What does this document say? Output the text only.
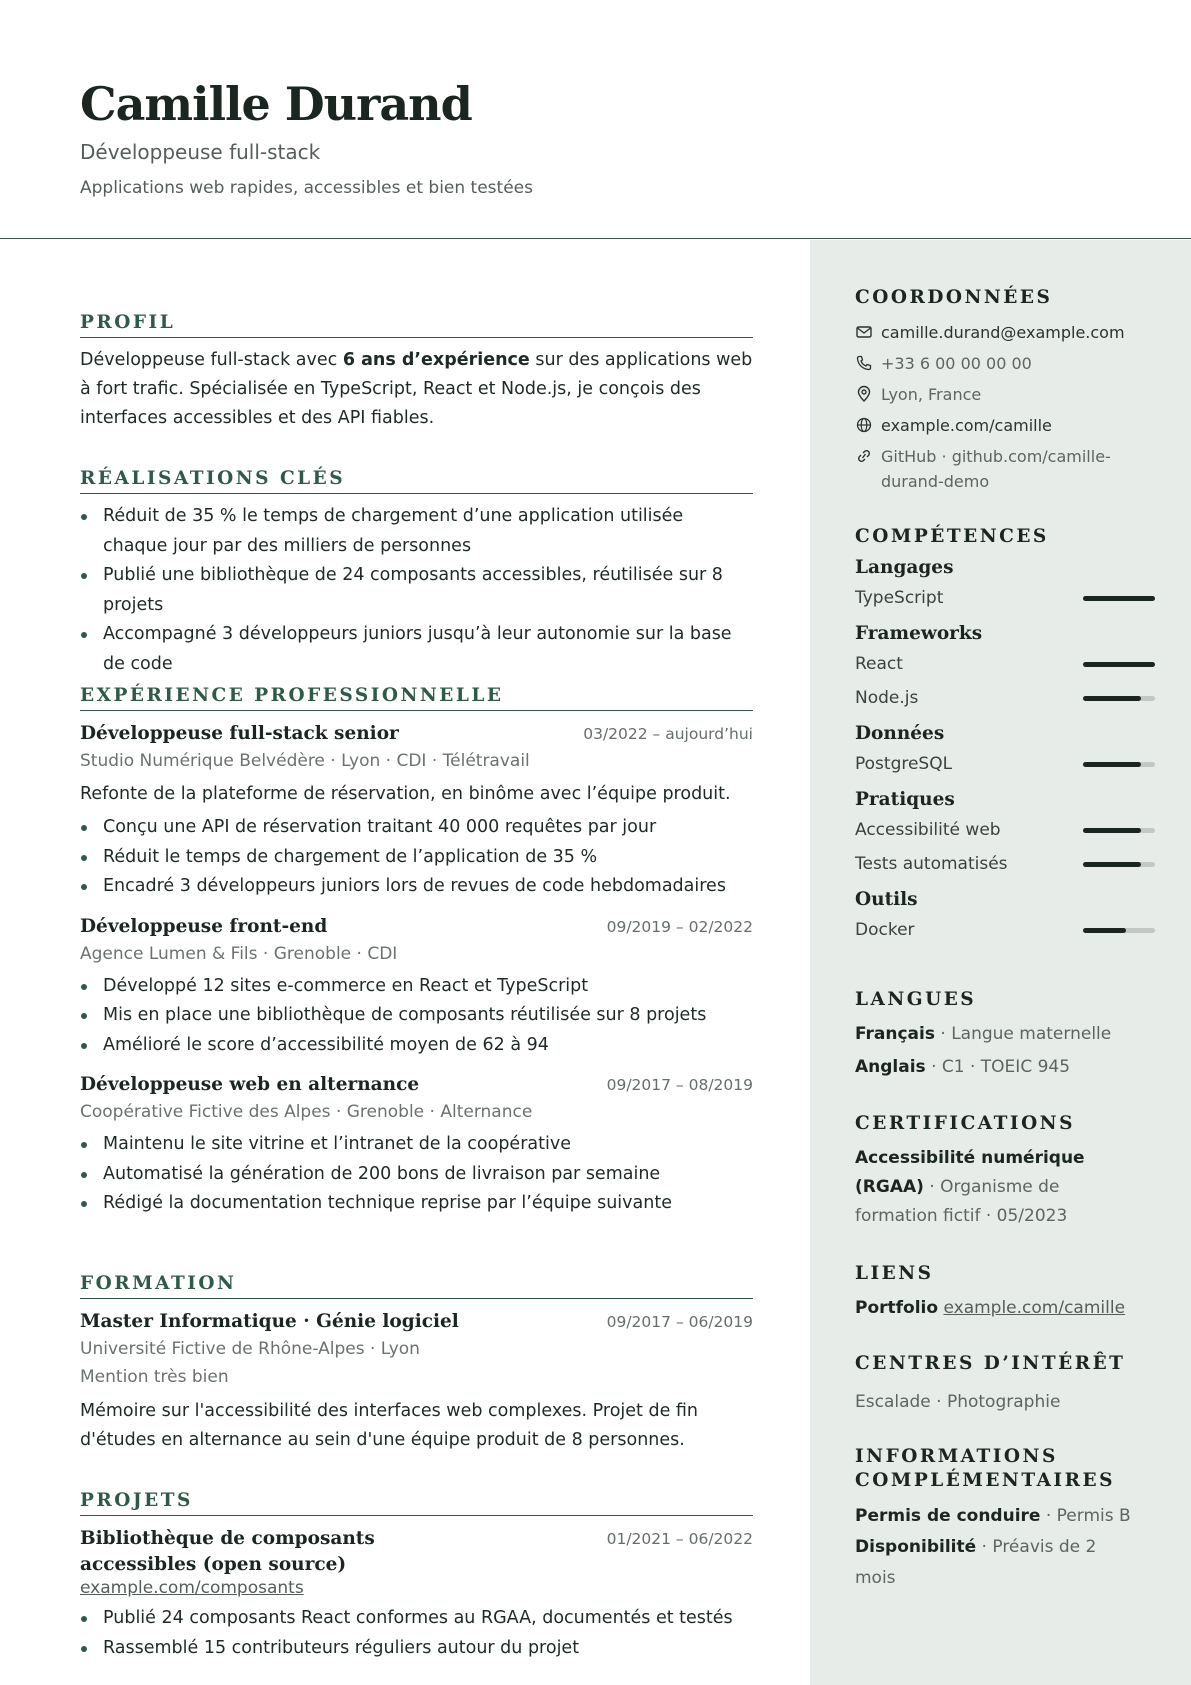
Camille Durand
Développeuse full-stack
Applications web rapides, accessibles et bien testées
PROFIL

Développeuse full-stack avec 6 ans d’expérience sur des applications web à fort trafic. Spécialisée en TypeScript, React et Node.js, je conçois des interfaces accessibles et des API fiables.

RÉALISATIONS CLÉS
Réduit de 35 % le temps de chargement d’une application utilisée chaque jour par des milliers de personnes
Publié une bibliothèque de 24 composants accessibles, réutilisée sur 8 projets
Accompagné 3 développeurs juniors jusqu’à leur autonomie sur la base de code
EXPÉRIENCE PROFESSIONNELLE
Développeuse full-stack senior	03/2022 – aujourd’hui
Studio Numérique Belvédère · Lyon · CDI · Télétravail
Refonte de la plateforme de réservation, en binôme avec l’équipe produit.
Conçu une API de réservation traitant 40 000 requêtes par jour
Réduit le temps de chargement de l’application de 35 %
Encadré 3 développeurs juniors lors de revues de code hebdomadaires
Développeuse front-end	09/2019 – 02/2022
Agence Lumen & Fils · Grenoble · CDI
Développé 12 sites e-commerce en React et TypeScript
Mis en place une bibliothèque de composants réutilisée sur 8 projets
Amélioré le score d’accessibilité moyen de 62 à 94
Développeuse web en alternance	09/2017 – 08/2019
Coopérative Fictive des Alpes · Grenoble · Alternance
Maintenu le site vitrine et l’intranet de la coopérative
Automatisé la génération de 200 bons de livraison par semaine
Rédigé la documentation technique reprise par l’équipe suivante
FORMATION
Master Informatique · Génie logiciel	09/2017 – 06/2019
Université Fictive de Rhône-Alpes · Lyon
Mention très bien

Mémoire sur l'accessibilité des interfaces web complexes. Projet de fin d'études en alternance au sein d'une équipe produit de 8 personnes.

PROJETS
Bibliothèque de composants accessibles (open source)
01/2021 – 06/2022
example.com/composants
Publié 24 composants React conformes au RGAA, documentés et testés
Rassemblé 15 contributeurs réguliers autour du projet
COORDONNÉES
camille.durand@example.com
+33 6 00 00 00 00
Lyon, France
example.com/camille
GitHub · github.com/camille-durand-demo
COMPÉTENCES
Langages
TypeScript
Frameworks
React
Node.js
Données
PostgreSQL
Pratiques
Accessibilité web
Tests automatisés
Outils
Docker
LANGUES
Français · Langue maternelle
Anglais · C1 · TOEIC 945
CERTIFICATIONS
Accessibilité numérique (RGAA) · Organisme de formation fictif · 05/2023
LIENS
Portfolio example.com/camille
CENTRES D’INTÉRÊT
Escalade · Photographie
INFORMATIONS COMPLÉMENTAIRES
Permis de conduire · Permis B
Disponibilité · Préavis de 2 mois
